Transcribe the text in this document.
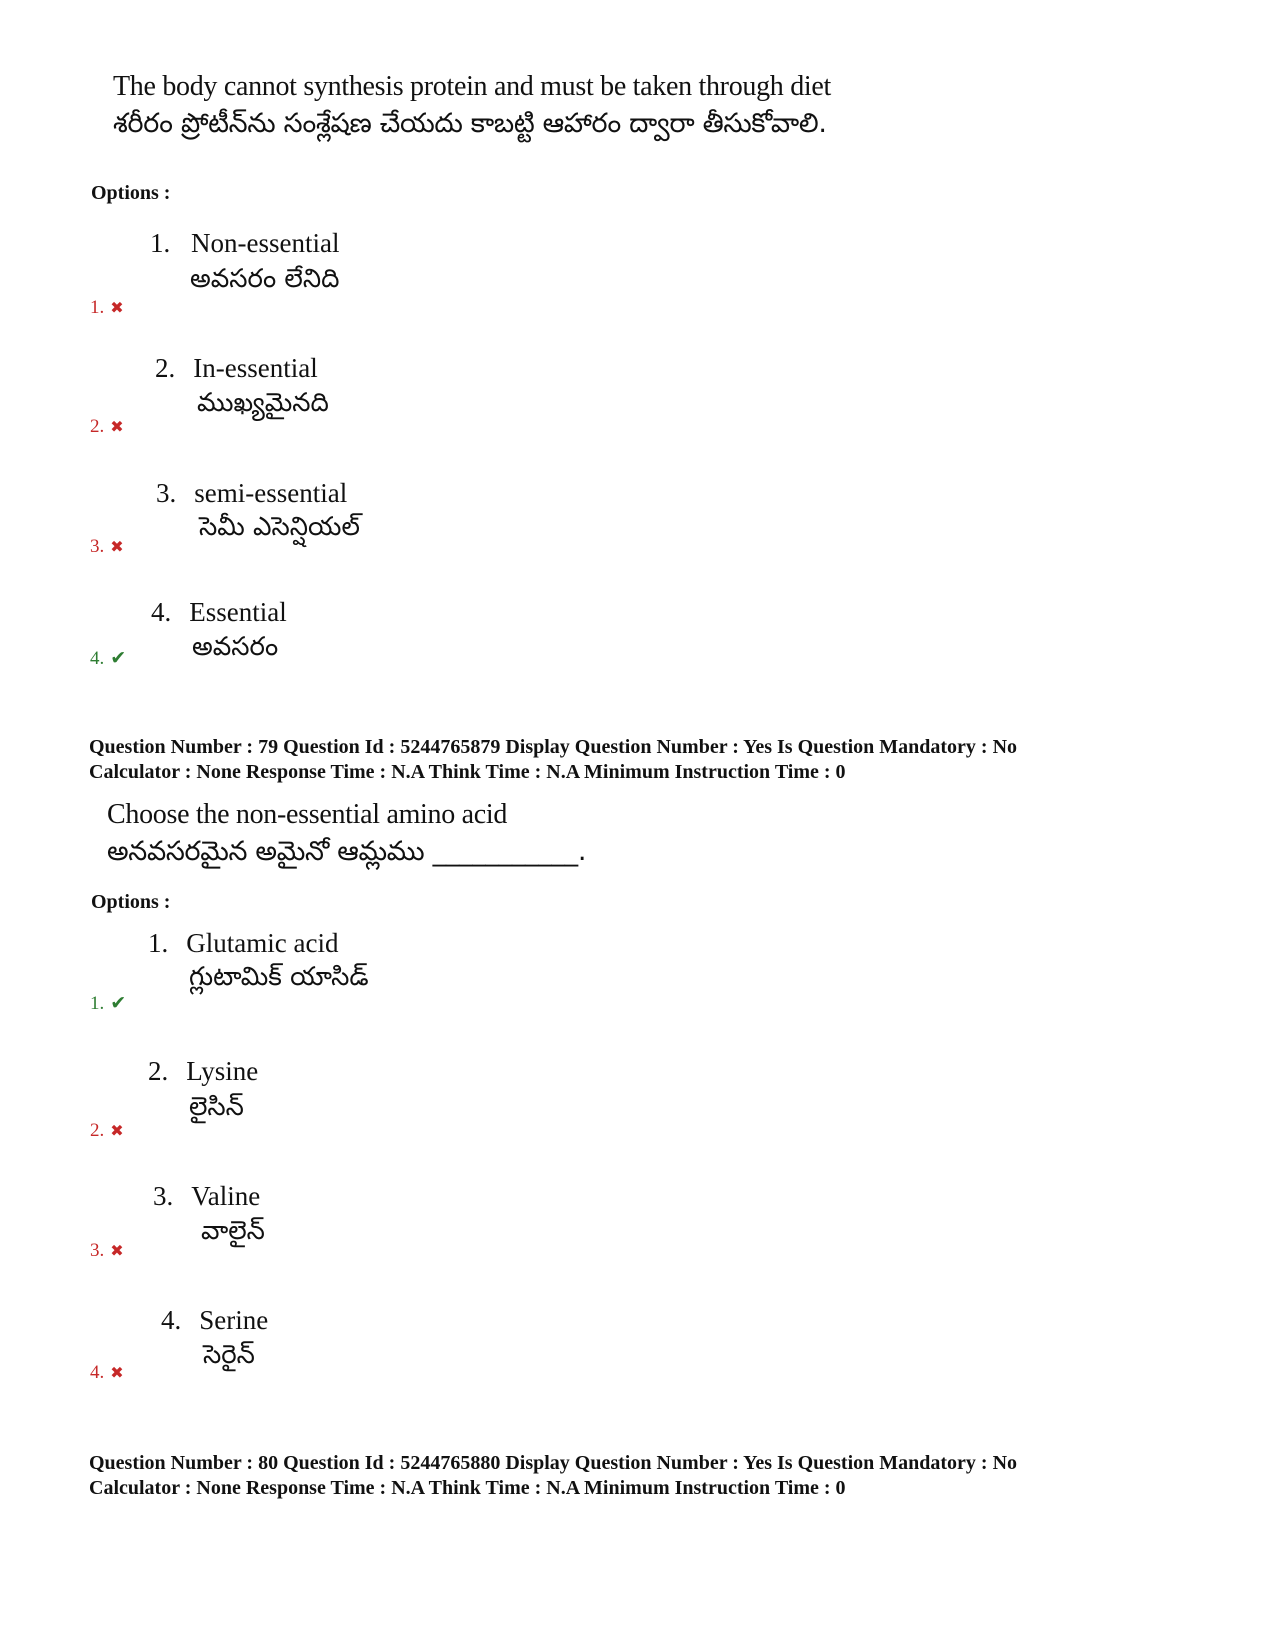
The body cannot synthesis protein and must be taken through diet
శరీరం ప్రోటీన్‌ను సంశ్లేషణ చేయదు కాబట్టి ఆహారం ద్వారా తీసుకోవాలి.
Options :
1. Non-essential
అవసరం లేనిది
1. ✖
2. In-essential
ముఖ్యమైనది
2. ✖
3. semi-essential
సెమీ ఎసెన్షియల్
3. ✖
4. Essential
అవసరం
4. ✔
Question Number : 79 Question Id : 5244765879 Display Question Number : Yes Is Question Mandatory : No
Calculator : None Response Time : N.A Think Time : N.A Minimum Instruction Time : 0
Choose the non-essential amino acid
అనవసరమైన అమైనో ఆమ్లము ___________.
Options :
1. Glutamic acid
గ్లుటామిక్ యాసిడ్
1. ✔
2. Lysine
లైసిన్
2. ✖
3. Valine
వాలైన్
3. ✖
4. Serine
సెరైన్
4. ✖
Question Number : 80 Question Id : 5244765880 Display Question Number : Yes Is Question Mandatory : No
Calculator : None Response Time : N.A Think Time : N.A Minimum Instruction Time : 0
